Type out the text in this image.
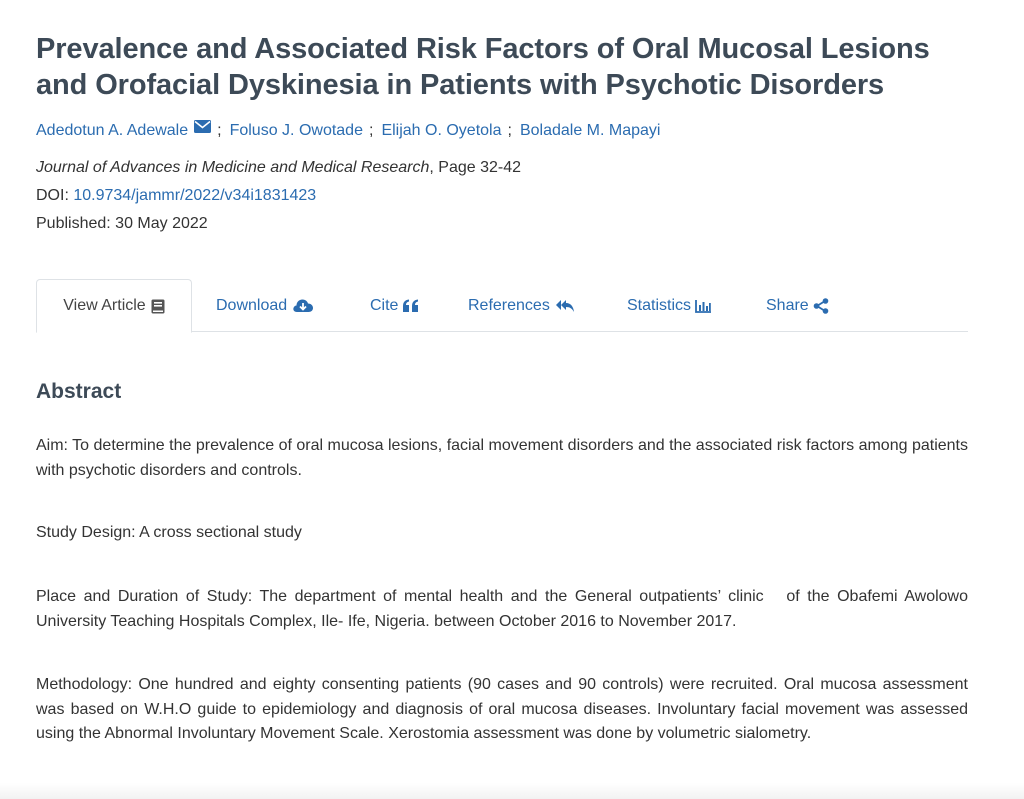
Prevalence and Associated Risk Factors of Oral Mucosal Lesions and Orofacial Dyskinesia in Patients with Psychotic Disorders
Adedotun A. Adewale ; Foluso J. Owotade ; Elijah O. Oyetola ; Boladale M. Mapayi
Journal of Advances in Medicine and Medical Research, Page 32-42
DOI: 10.9734/jammr/2022/v34i1831423
Published: 30 May 2022
View Article	Download	Cite	References	Statistics	Share
Abstract

Aim: To determine the prevalence of oral mucosa lesions, facial movement disorders and the associated risk factors among patients with psychotic disorders and controls.

Study Design: A cross sectional study

Place and Duration of Study: The department of mental health and the General outpatients’ clinic   of the Obafemi Awolowo University Teaching Hospitals Complex, Ile- Ife, Nigeria. between October 2016 to November 2017.

Methodology: One hundred and eighty consenting patients (90 cases and 90 controls) were recruited. Oral mucosa assessment was based on W.H.O guide to epidemiology and diagnosis of oral mucosa diseases. Involuntary facial movement was assessed using the Abnormal Involuntary Movement Scale. Xerostomia assessment was done by volumetric sialometry.
